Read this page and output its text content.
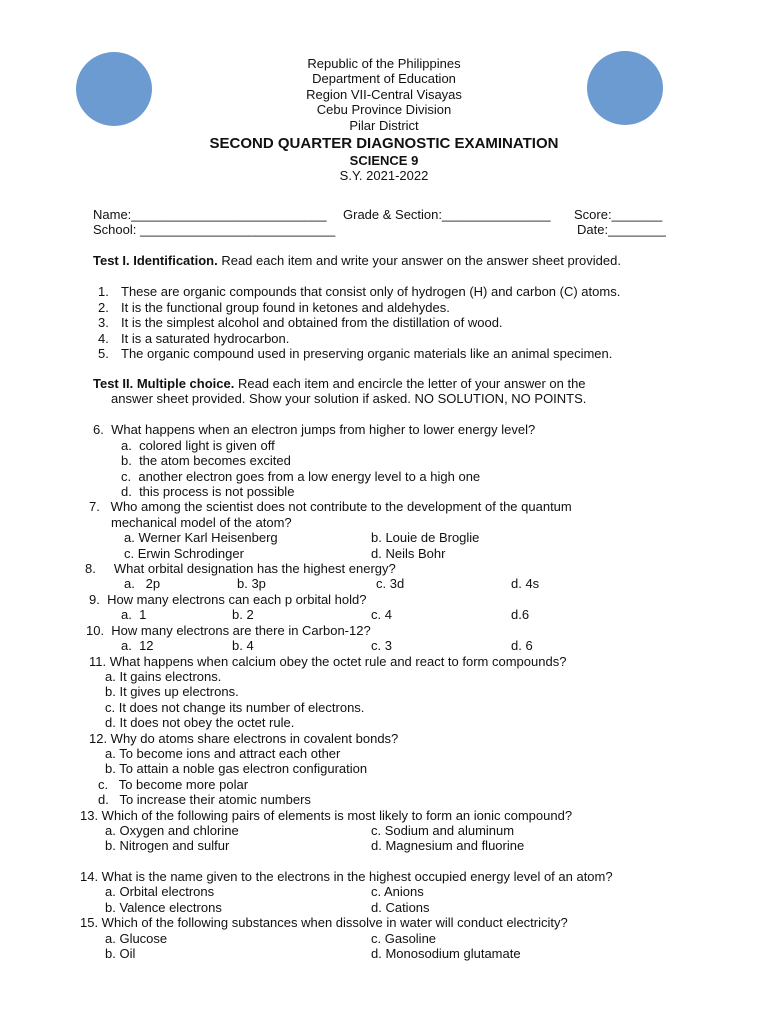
Republic of the Philippines
Department of Education
Region VII-Central Visayas
Cebu Province Division
Pilar District
SECOND QUARTER DIAGNOSTIC EXAMINATION
SCIENCE 9
S.Y. 2021-2022
Name:___________________________ Grade & Section:_______________ Score:_______
School: ___________________________	Date:________
Test I. Identification. Read each item and write your answer on the answer sheet provided.
1. These are organic compounds that consist only of hydrogen (H) and carbon (C) atoms.
2. It is the functional group found in ketones and aldehydes.
3. It is the simplest alcohol and obtained from the distillation of wood.
4. It is a saturated hydrocarbon.
5. The organic compound used in preserving organic materials like an animal specimen.
Test II. Multiple choice. Read each item and encircle the letter of your answer on the
answer sheet provided. Show your solution if asked. NO SOLUTION, NO POINTS.
6.  What happens when an electron jumps from higher to lower energy level?
a.  colored light is given off
b.  the atom becomes excited
c.  another electron goes from a low energy level to a high one
d.  this process is not possible
7.   Who among the scientist does not contribute to the development of the quantum
mechanical model of the atom?
a. Werner Karl Heisenberg	b. Louie de Broglie
c. Erwin Schrodinger	d. Neils Bohr
8.     What orbital designation has the highest energy?
a.   2p	b. 3p	c. 3d	d. 4s
9.  How many electrons can each p orbital hold?
a.  1	b. 2	c. 4	d.6
10.  How many electrons are there in Carbon-12?
a.  12	b. 4	c. 3	d. 6
11. What happens when calcium obey the octet rule and react to form compounds?
a. It gains electrons.
b. It gives up electrons.
c. It does not change its number of electrons.
d. It does not obey the octet rule.
12. Why do atoms share electrons in covalent bonds?
a. To become ions and attract each other
b. To attain a noble gas electron configuration
c.   To become more polar
d.   To increase their atomic numbers
13. Which of the following pairs of elements is most likely to form an ionic compound?
a. Oxygen and chlorine	c. Sodium and aluminum
b. Nitrogen and sulfur	d. Magnesium and fluorine
14. What is the name given to the electrons in the highest occupied energy level of an atom?
a. Orbital electrons	c. Anions
b. Valence electrons	d. Cations
15. Which of the following substances when dissolve in water will conduct electricity?
a. Glucose	c. Gasoline
b. Oil	d. Monosodium glutamate
